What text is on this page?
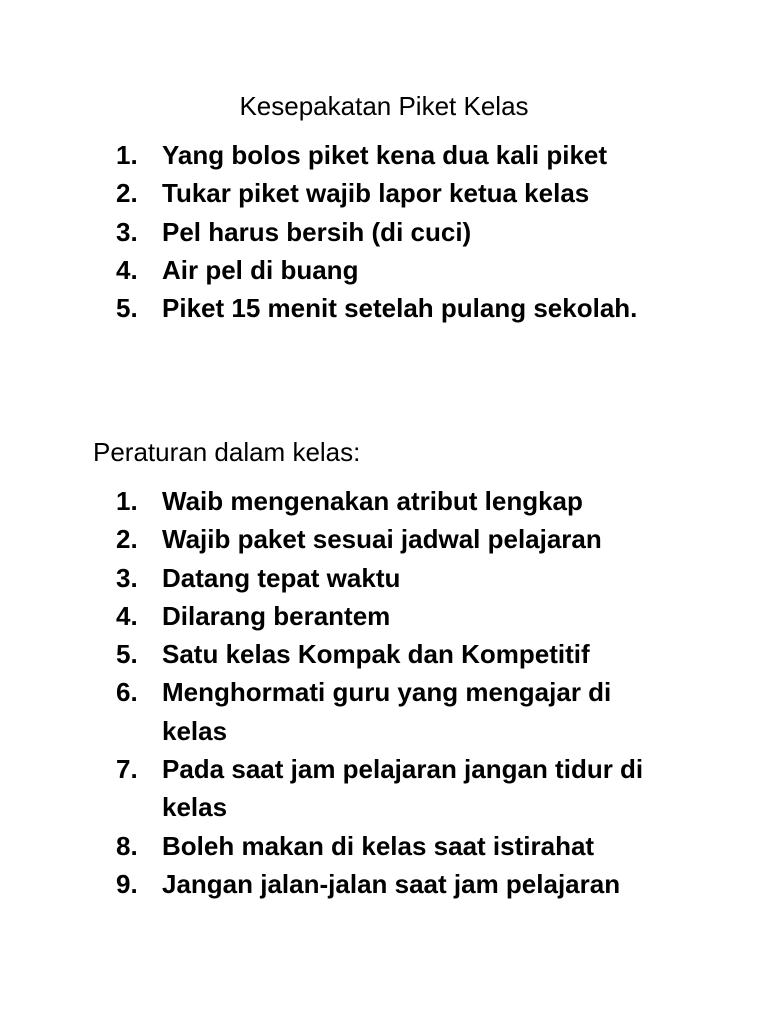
Kesepakatan Piket Kelas
1. Yang bolos piket kena dua kali piket
2. Tukar piket wajib lapor ketua kelas
3. Pel harus bersih (di cuci)
4. Air pel di buang
5. Piket 15 menit setelah pulang sekolah.
Peraturan dalam kelas:
1. Waib mengenakan atribut lengkap
2. Wajib paket sesuai jadwal pelajaran
3. Datang tepat waktu
4. Dilarang berantem
5. Satu kelas Kompak dan Kompetitif
6. Menghormati guru yang mengajar di kelas
7. Pada saat jam pelajaran jangan tidur di kelas
8. Boleh makan di kelas saat istirahat
9. Jangan jalan-jalan saat jam pelajaran
